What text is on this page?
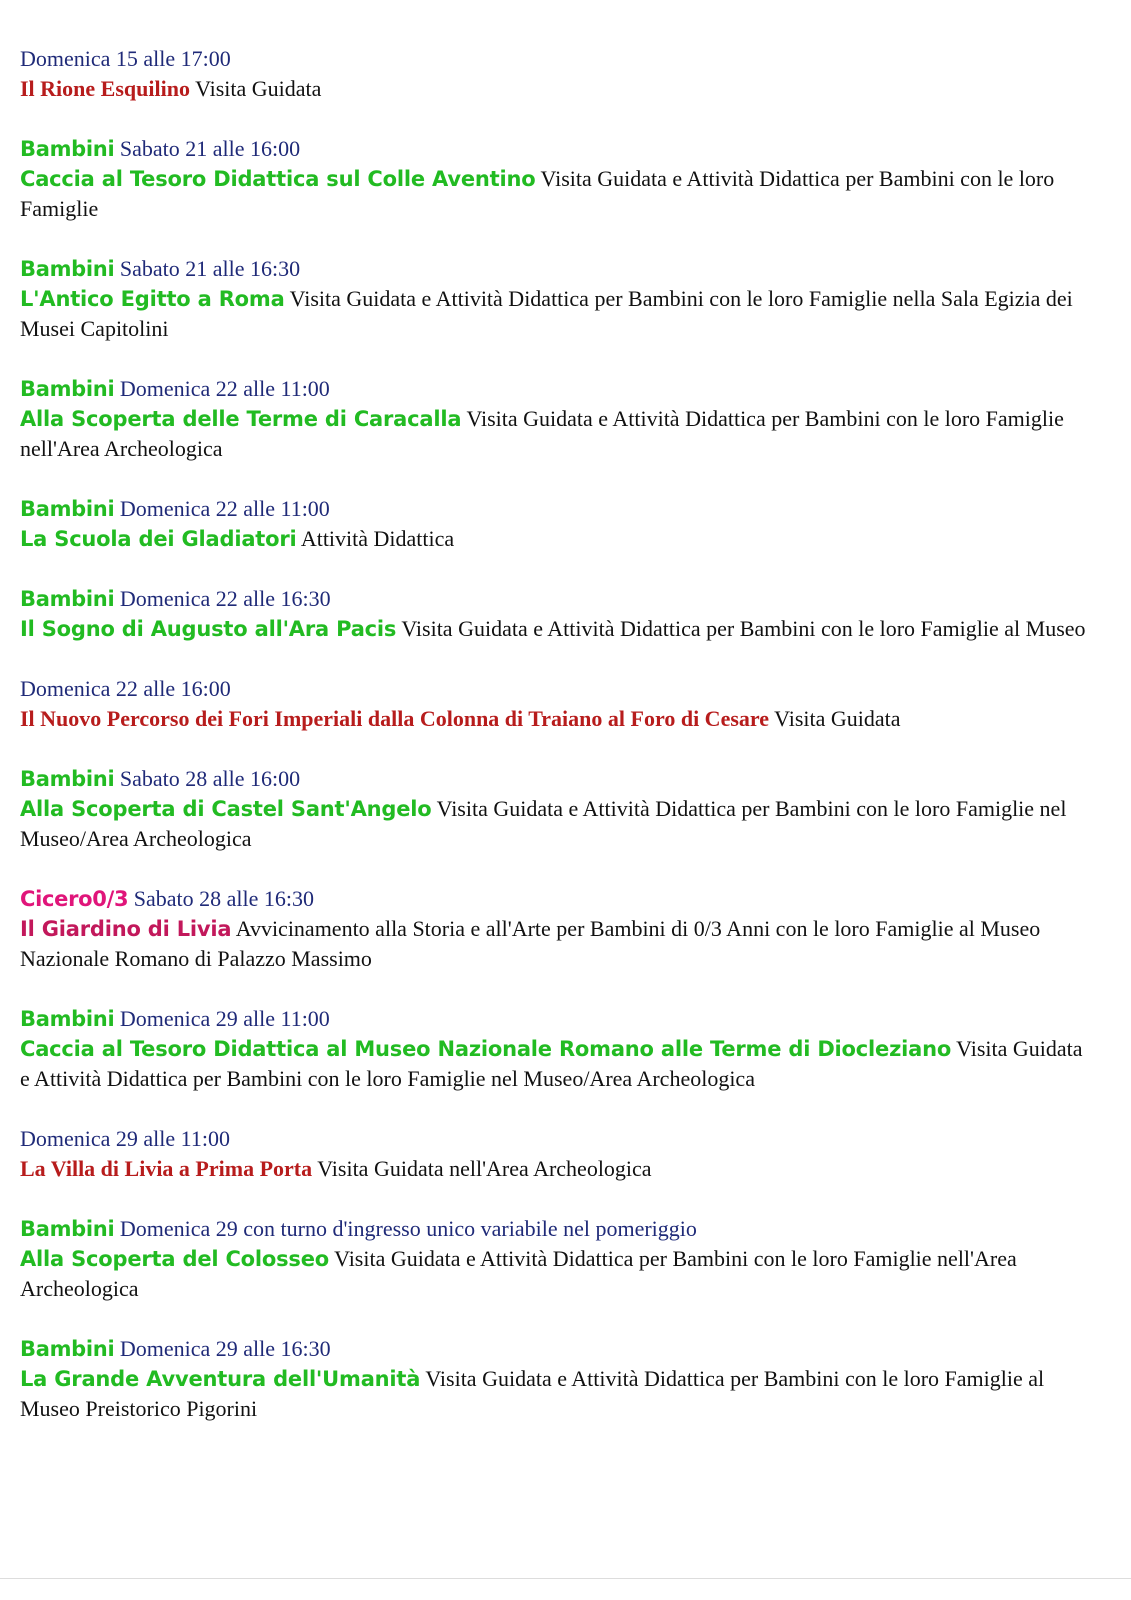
Domenica 15 alle 17:00
Il Rione Esquilino Visita Guidata
Bambini Sabato 21 alle 16:00
Caccia al Tesoro Didattica sul Colle Aventino Visita Guidata e Attività Didattica per Bambini con le loro Famiglie
Bambini Sabato 21 alle 16:30
L'Antico Egitto a Roma Visita Guidata e Attività Didattica per Bambini con le loro Famiglie nella Sala Egizia dei Musei Capitolini
Bambini Domenica 22 alle 11:00
Alla Scoperta delle Terme di Caracalla Visita Guidata e Attività Didattica per Bambini con le loro Famiglie nell'Area Archeologica
Bambini Domenica 22 alle 11:00
La Scuola dei Gladiatori Attività Didattica
Bambini Domenica 22 alle 16:30
Il Sogno di Augusto all'Ara Pacis Visita Guidata e Attività Didattica per Bambini con le loro Famiglie al Museo
Domenica 22 alle 16:00
Il Nuovo Percorso dei Fori Imperiali dalla Colonna di Traiano al Foro di Cesare Visita Guidata
Bambini Sabato 28 alle 16:00
Alla Scoperta di Castel Sant'Angelo Visita Guidata e Attività Didattica per Bambini con le loro Famiglie nel Museo/Area Archeologica
Cicero0/3 Sabato 28 alle 16:30
Il Giardino di Livia Avvicinamento alla Storia e all'Arte per Bambini di 0/3 Anni con le loro Famiglie al Museo Nazionale Romano di Palazzo Massimo
Bambini Domenica 29 alle 11:00
Caccia al Tesoro Didattica al Museo Nazionale Romano alle Terme di Diocleziano Visita Guidata e Attività Didattica per Bambini con le loro Famiglie nel Museo/Area Archeologica
Domenica 29 alle 11:00
La Villa di Livia a Prima Porta Visita Guidata nell'Area Archeologica
Bambini Domenica 29 con turno d'ingresso unico variabile nel pomeriggio
Alla Scoperta del Colosseo Visita Guidata e Attività Didattica per Bambini con le loro Famiglie nell'Area Archeologica
Bambini Domenica 29 alle 16:30
La Grande Avventura dell'Umanità Visita Guidata e Attività Didattica per Bambini con le loro Famiglie al Museo Preistorico Pigorini
